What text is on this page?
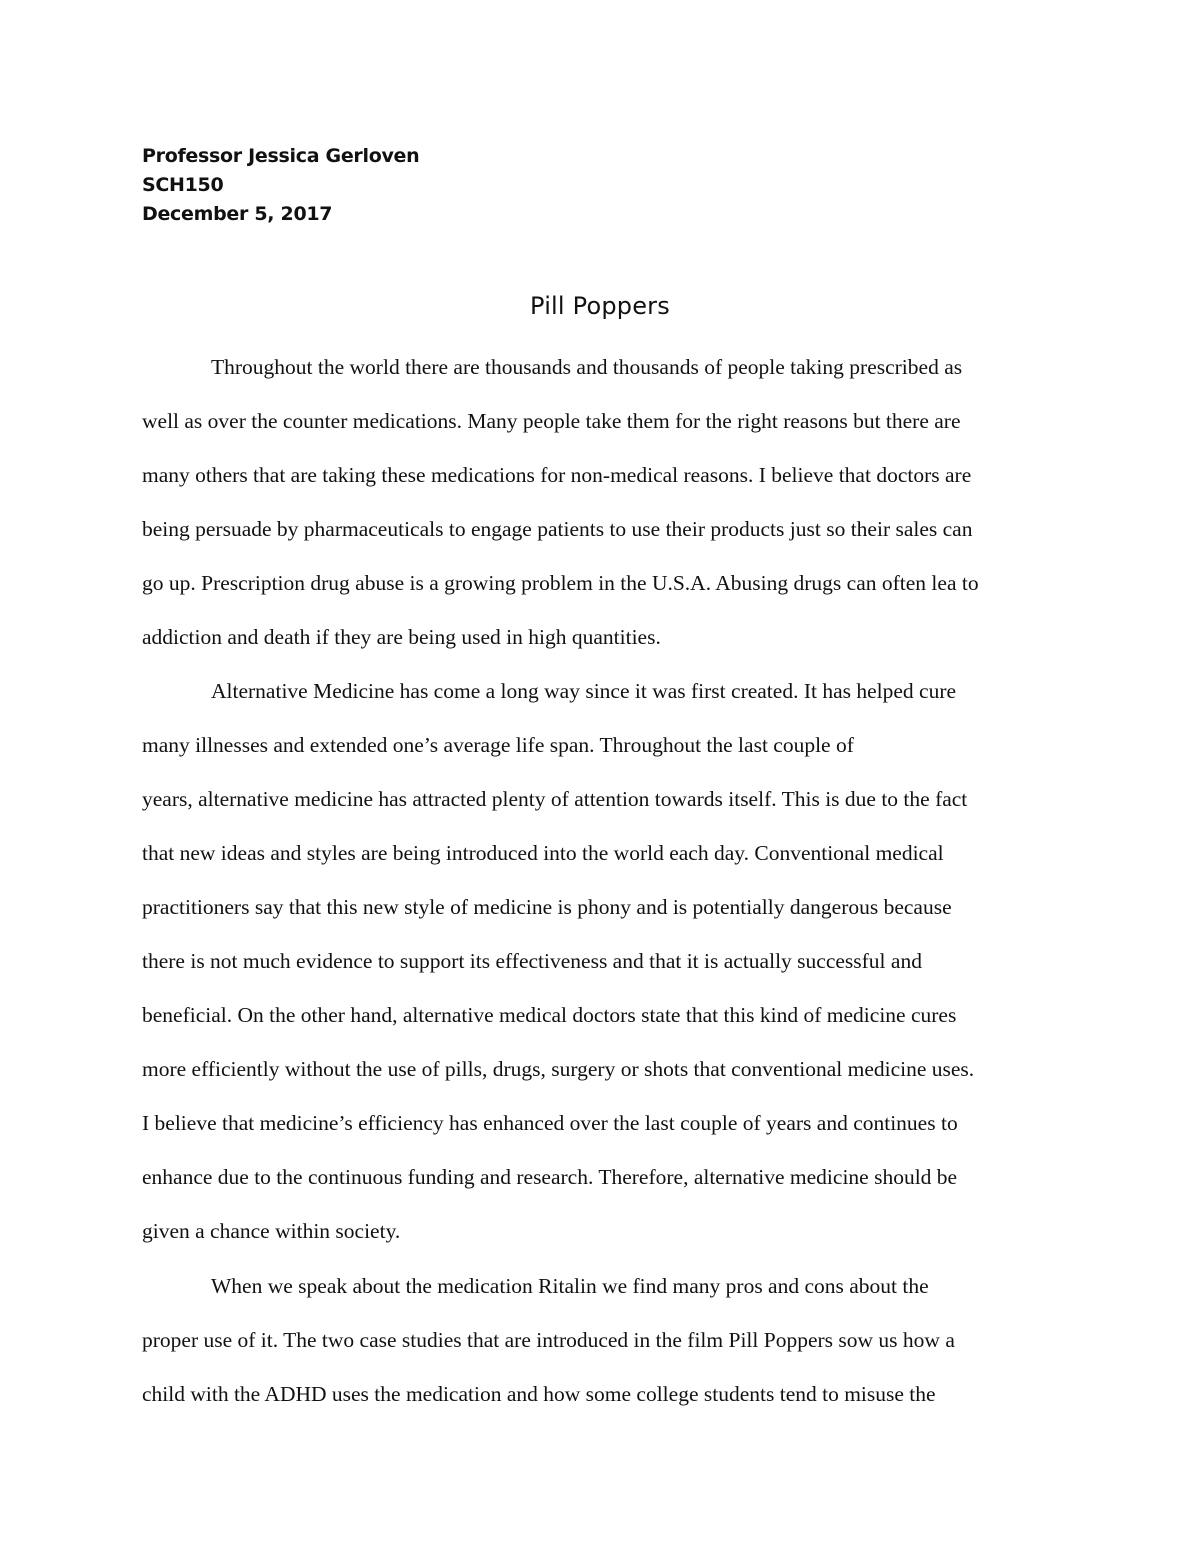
Professor Jessica Gerloven
SCH150
December 5, 2017
Pill Poppers
Throughout the world there are thousands and thousands of people taking prescribed as
well as over the counter medications. Many people take them for the right reasons but there are
many others that are taking these medications for non-medical reasons. I believe that doctors are
being persuade by pharmaceuticals to engage patients to use their products just so their sales can
go up. Prescription drug abuse is a growing problem in the U.S.A. Abusing drugs can often lea to
addiction and death if they are being used in high quantities.
Alternative Medicine has come a long way since it was first created. It has helped cure
many illnesses and extended one’s average life span. Throughout the last couple of
years, alternative medicine has attracted plenty of attention towards itself. This is due to the fact
that new ideas and styles are being introduced into the world each day. Conventional medical
practitioners say that this new style of medicine is phony and is potentially dangerous because
there is not much evidence to support its effectiveness and that it is actually successful and
beneficial. On the other hand, alternative medical doctors state that this kind of medicine cures
more efficiently without the use of pills, drugs, surgery or shots that conventional medicine uses.
I believe that medicine’s efficiency has enhanced over the last couple of years and continues to
enhance due to the continuous funding and research. Therefore, alternative medicine should be
given a chance within society.
When we speak about the medication Ritalin we find many pros and cons about the
proper use of it. The two case studies that are introduced in the film Pill Poppers sow us how a
child with the ADHD uses the medication and how some college students tend to misuse the
